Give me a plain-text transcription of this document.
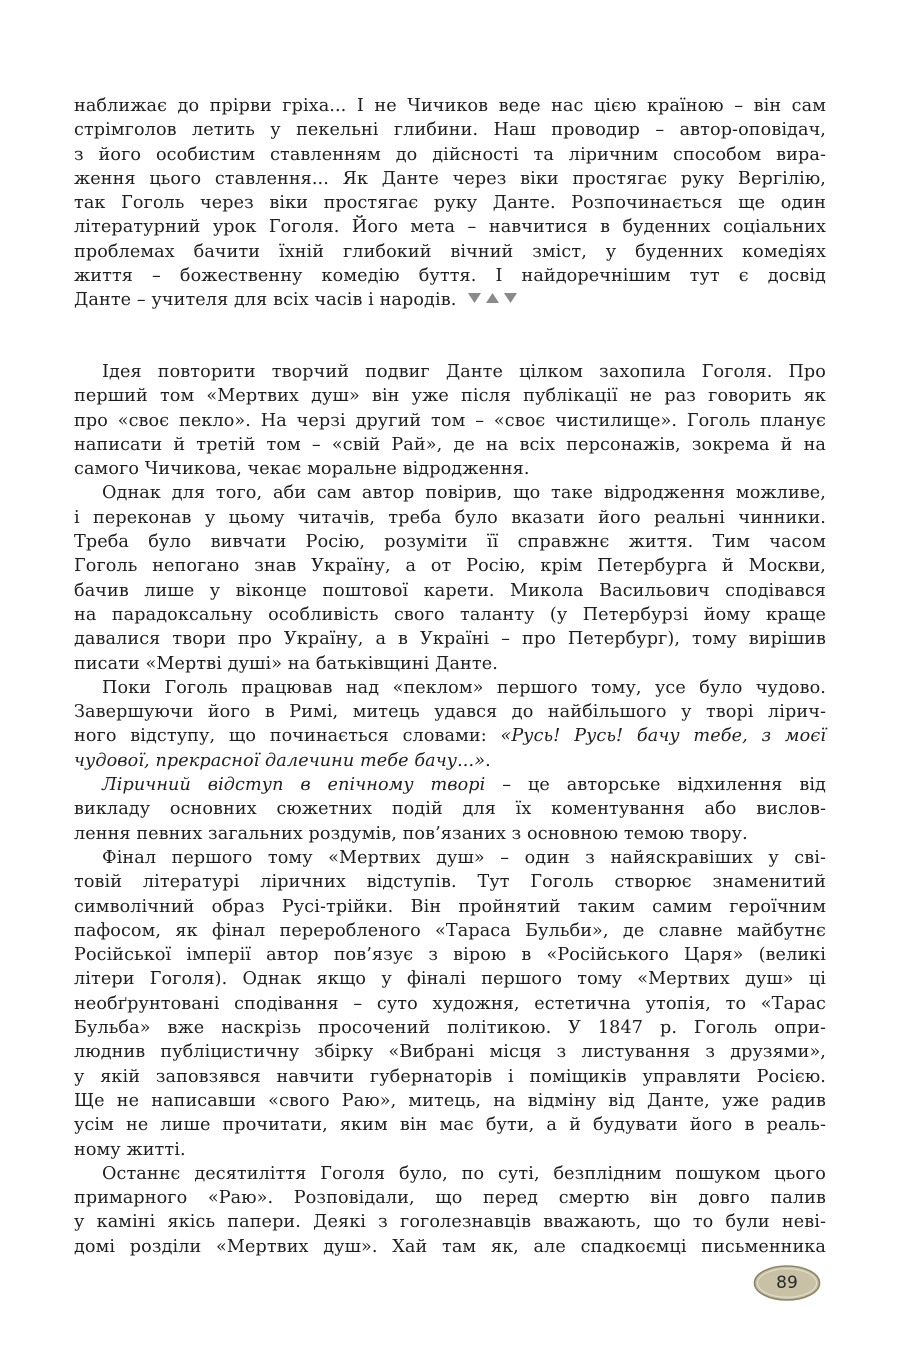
наближає до прірви гріха... І не Чичиков веде нас цією країною – він сам
стрімголов летить у пекельні глибини. Наш проводир – автор-оповідач,
з його особистим ставленням до дійсності та ліричним способом вира-
ження цього ставлення... Як Данте через віки простягає руку Вергілію,
так Гоголь через віки простягає руку Данте. Розпочинається ще один
літературний урок Гоголя. Його мета – навчитися в буденних соціальних
проблемах бачити їхній глибокий вічний зміст, у буденних комедіях
життя – божественну комедію буття. І найдоречнішим тут є досвід
Данте – учителя для всіх часів і народів.
Ідея повторити творчий подвиг Данте цілком захопила Гоголя. Про
перший том «Мертвих душ» він уже після публікації не раз говорить як
про «своє пекло». На черзі другий том – «своє чистилище». Гоголь планує
написати й третій том – «свій Рай», де на всіх персонажів, зокрема й на
самого Чичикова, чекає моральне відродження.
Однак для того, аби сам автор повірив, що таке відродження можливе,
і переконав у цьому читачів, треба було вказати його реальні чинники.
Треба було вивчати Росію, розуміти її справжнє життя. Тим часом
Гоголь непогано знав Україну, а от Росію, крім Петербурга й Москви,
бачив лише у віконце поштової карети. Микола Васильович сподівався
на парадоксальну особливість свого таланту (у Петербурзі йому краще
давалися твори про Україну, а в Україні – про Петербург), тому вирішив
писати «Мертві душі» на батьківщині Данте.
Поки Гоголь працював над «пеклом» першого тому, усе було чудово.
Завершуючи його в Римі, митець удався до найбільшого у творі лірич-
ного відступу, що починається словами: «Русь! Русь! бачу тебе, з моєї
чудової, прекрасної далечини тебе бачу...».
Ліричний відступ в епічному творі – це авторське відхилення від
викладу основних сюжетних подій для їх коментування або вислов-
лення певних загальних роздумів, пов’язаних з основною темою твору.
Фінал першого тому «Мертвих душ» – один з найяскравіших у сві-
товій літературі ліричних відступів. Тут Гоголь створює знаменитий
символічний образ Русі-трійки. Він пройнятий таким самим героїчним
пафосом, як фінал переробленого «Тараса Бульби», де славне майбутнє
Російської імперії автор пов’язує з вірою в «Російського Царя» (великі
літери Гоголя). Однак якщо у фіналі першого тому «Мертвих душ» ці
необґрунтовані сподівання – суто художня, естетична утопія, то «Тарас
Бульба» вже наскрізь просочений політикою. У 1847 р. Гоголь опри-
люднив публіцистичну збірку «Вибрані місця з листування з друзями»,
у якій заповзявся навчити губернаторів і поміщиків управляти Росією.
Ще не написавши «свого Раю», митець, на відміну від Данте, уже радив
усім не лише прочитати, яким він має бути, а й будувати його в реаль-
ному житті.
Останнє десятиліття Гоголя було, по суті, безплідним пошуком цього
примарного «Раю». Розповідали, що перед смертю він довго палив
у каміні якісь папери. Деякі з гоголезнавців вважають, що то були неві-
домі розділи «Мертвих душ». Хай там як, але спадкоємці письменника
89
